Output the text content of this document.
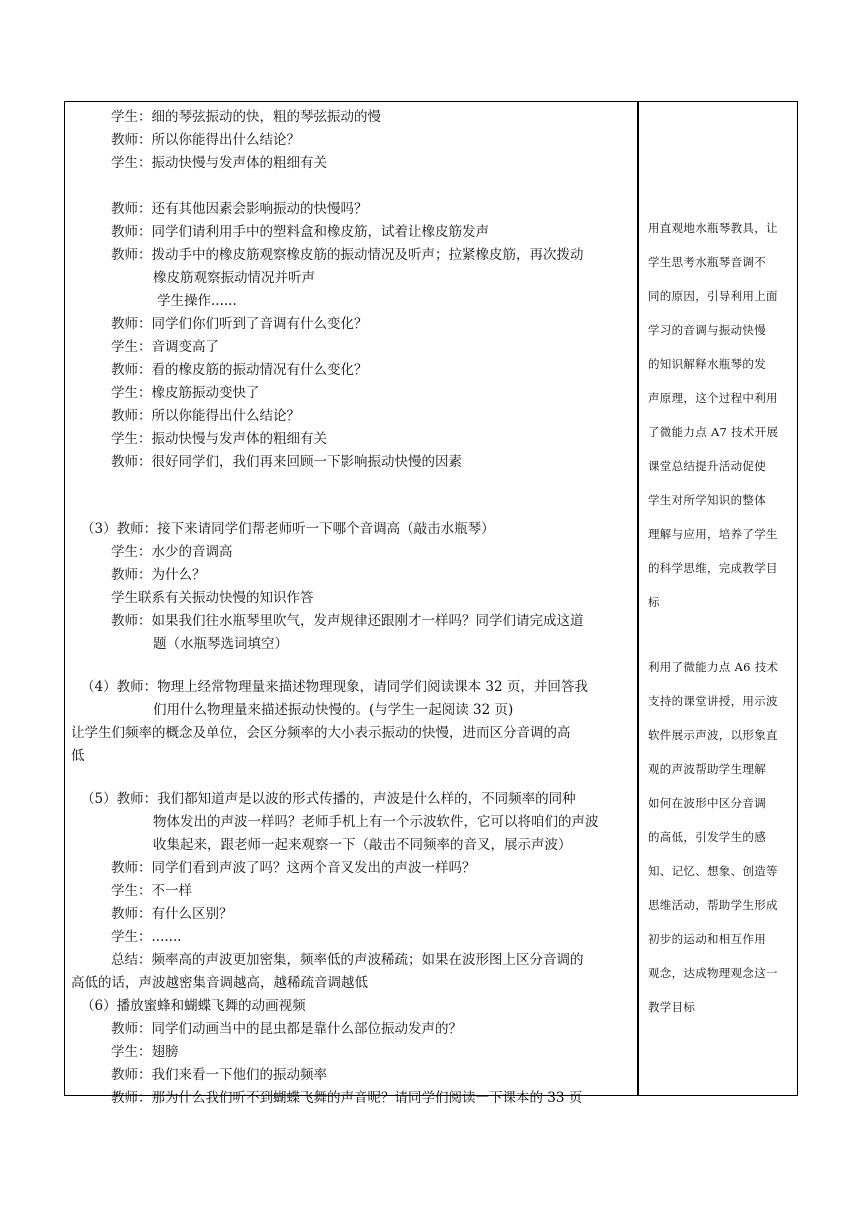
学生：细的琴弦振动的快，粗的琴弦振动的慢
教师：所以你能得出什么结论？
学生：振动快慢与发声体的粗细有关
教师：还有其他因素会影响振动的快慢吗？
教师：同学们请利用手中的塑料盒和橡皮筋，试着让橡皮筋发声
教师：拨动手中的橡皮筋观察橡皮筋的振动情况及听声；拉紧橡皮筋，再次拨动
橡皮筋观察振动情况并听声
学生操作......
教师：同学们你们听到了音调有什么变化？
学生：音调变高了
教师：看的橡皮筋的振动情况有什么变化？
学生：橡皮筋振动变快了
教师：所以你能得出什么结论？
学生：振动快慢与发声体的粗细有关
教师：很好同学们，我们再来回顾一下影响振动快慢的因素
（3）教师：接下来请同学们帮老师听一下哪个音调高（敲击水瓶琴）
学生：水少的音调高
教师：为什么？
学生联系有关振动快慢的知识作答
教师：如果我们往水瓶琴里吹气，发声规律还跟刚才一样吗？同学们请完成这道
题（水瓶琴选词填空）
（4）教师：物理上经常物理量来描述物理现象，请同学们阅读课本 32 页，并回答我
们用什么物理量来描述振动快慢的。(与学生一起阅读 32 页)
让学生们频率的概念及单位，会区分频率的大小表示振动的快慢，进而区分音调的高
低
（5）教师：我们都知道声是以波的形式传播的，声波是什么样的，不同频率的同种
物体发出的声波一样吗？老师手机上有一个示波软件，它可以将咱们的声波
收集起来，跟老师一起来观察一下（敲击不同频率的音叉，展示声波）
教师：同学们看到声波了吗？这两个音叉发出的声波一样吗？
学生：不一样
教师：有什么区别？
学生：.......
总结：频率高的声波更加密集，频率低的声波稀疏；如果在波形图上区分音调的
高低的话，声波越密集音调越高，越稀疏音调越低
（6）播放蜜蜂和蝴蝶飞舞的动画视频
教师：同学们动画当中的昆虫都是靠什么部位振动发声的？
学生：翅膀
教师：我们来看一下他们的振动频率
教师：那为什么我们听不到蝴蝶飞舞的声音呢？请同学们阅读一下课本的 33 页
用直观地水瓶琴教具，让
学生思考水瓶琴音调不
同的原因，引导利用上面
学习的音调与振动快慢
的知识解释水瓶琴的发
声原理，这个过程中利用
了微能力点 A7 技术开展
课堂总结提升活动促使
学生对所学知识的整体
理解与应用，培养了学生
的科学思维，完成教学目
标
利用了微能力点 A6 技术
支持的课堂讲授，用示波
软件展示声波，以形象直
观的声波帮助学生理解
如何在波形中区分音调
的高低，引发学生的感
知、记忆、想象、创造等
思维活动，帮助学生形成
初步的运动和相互作用
观念，达成物理观念这一
教学目标
